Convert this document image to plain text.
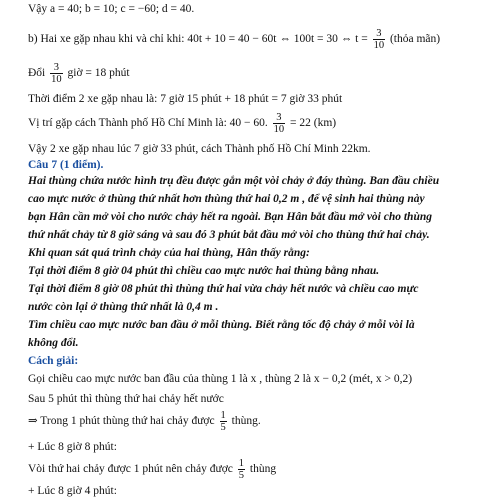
Vậy a = 40; b = 10; c = −60; d = 40.
b) Hai xe gặp nhau khi và chỉ khi: 40t + 10 = 40 − 60t ⇔ 100t = 30 ⇔ $t = \frac{3}{10}$ (thỏa mãn)
Đổi $\frac{3}{10}$ giờ = 18 phút
Thời điểm 2 xe gặp nhau là: 7 giờ 15 phút + 18 phút = 7 giờ 33 phút
Vị trí gặp cách Thành phố Hồ Chí Minh là: 40 − 60. $\frac{3}{10} = 22$ (km)
Vậy 2 xe gặp nhau lúc 7 giờ 33 phút, cách Thành phố Hồ Chí Minh 22km.
Câu 7 (1 điểm).
Hai thùng chứa nước hình trụ đều được gắn một vòi chảy ở đáy thùng. Ban đầu chiều
cao mực nước ở thùng thứ nhất hơn thùng thứ hai 0,2 m , để vệ sinh hai thùng này
bạn Hân cần mở vòi cho nước chảy hết ra ngoài. Bạn Hân bắt đầu mở vòi cho thùng
thứ nhất chảy từ 8 giờ sáng và sau đó 3 phút bắt đầu mở vòi cho thùng thứ hai chảy.
Khi quan sát quá trình chảy của hai thùng, Hân thấy rằng:
Tại thời điểm 8 giờ 04 phút thì chiều cao mực nước hai thùng bằng nhau.
Tại thời điểm 8 giờ 08 phút thì thùng thứ hai vừa chảy hết nước và chiều cao mực
nước còn lại ở thùng thứ nhất là 0,4 m .
Tìm chiều cao mực nước ban đầu ở mỗi thùng. Biết rằng tốc độ chảy ở mỗi vòi là
không đổi.
Cách giải:
Gọi chiều cao mực nước ban đầu của thùng 1 là x , thùng 2 là x − 0,2 (mét, x > 0,2)
Sau 5 phút thì thùng thứ hai chảy hết nước
⇒ Trong 1 phút thùng thứ hai chảy được $\frac{1}{5}$ thùng.
+ Lúc 8 giờ 8 phút:
Vòi thứ hai chảy được 1 phút nên chảy được $\frac{1}{5}$ thùng
+ Lúc 8 giờ 4 phút:
